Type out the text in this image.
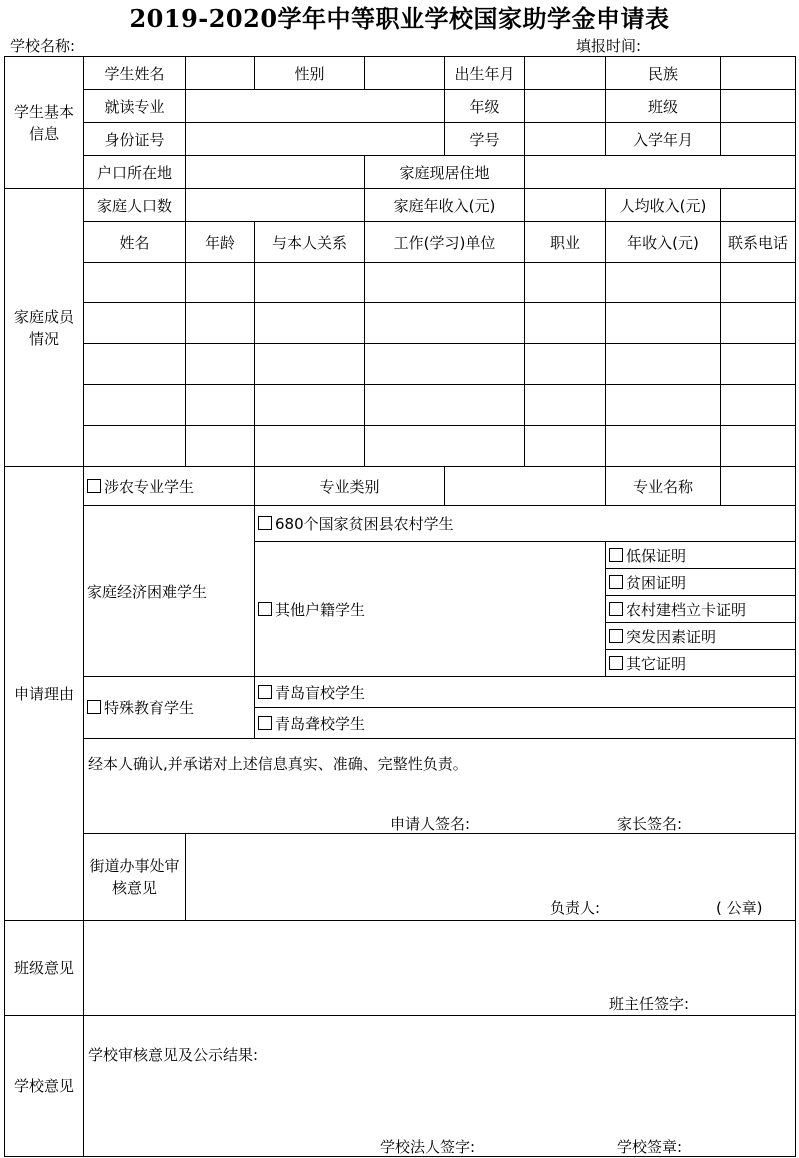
2019-2020学年中等职业学校国家助学金申请表
学校名称:	填报时间:
学生基本信息	学生姓名		性别		出生年月		民族	
	就读专业				年级		班级	
	身份证号				学号		入学年月	
	户口所在地			家庭现居住地				
家庭成员情况	家庭人口数			家庭年收入(元)			人均收入(元)	
	姓名	年龄	与本人关系	工作(学习)单位		职业	年收入(元)	联系电话

申请理由	涉农专业学生		专业类别				专业名称	
	家庭经济困难学生		680个国家贫困县农村学生					
			其他户籍学生				低保证明	
							贫困证明	
							农村建档立卡证明	
							突发因素证明	
							其它证明	
	特殊教育学生		青岛盲校学生					
			青岛聋校学生					

	经本人确认,并承诺对上述信息真实、准确、完整性负责。
申请人签名: 家长签名:							

	街道办事处审核意见	负责人: ( 公章)						

班级意见	班主任签字:							

学校意见	学校审核意见及公示结果:
学校法人签字: 学校签章:							
